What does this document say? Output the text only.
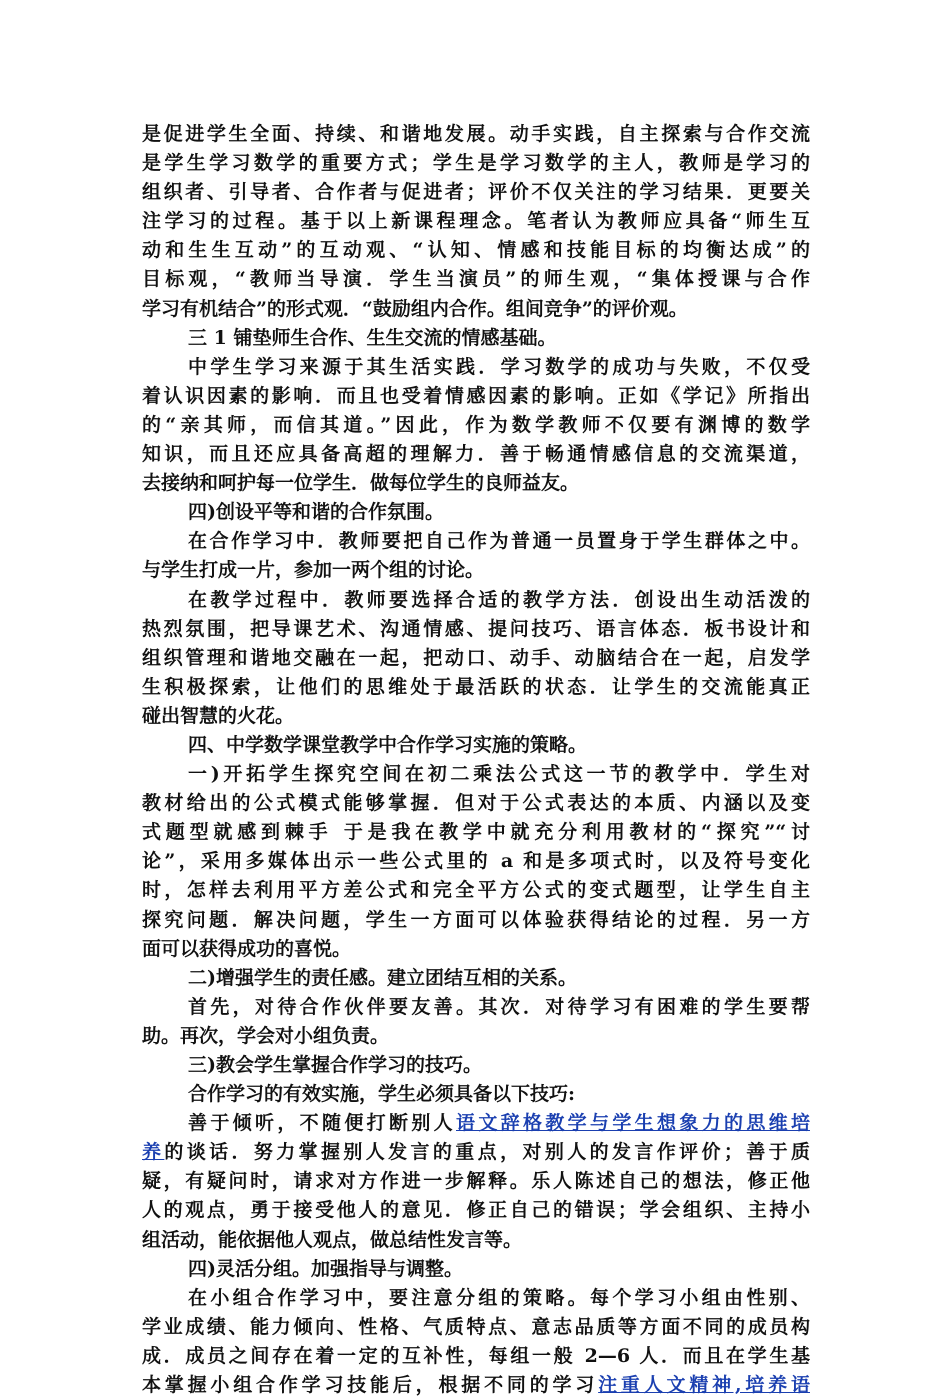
是促进学生全面、持续、和谐地发展。动手实践，自主探索与合作交流
是学生学习数学的重要方式；学生是学习数学的主人，教师是学习的
组织者、引导者、合作者与促进者；评价不仅关注的学习结果．更要关
注学习的过程。基于以上新课程理念。笔者认为教师应具备“师生互
动和生生互动”的互动观、“认知、情感和技能目标的均衡达成”的
目标观，“教师当导演．学生当演员”的师生观，“集体授课与合作
学习有机结合”的形式观．“鼓励组内合作。组间竞争”的评价观。
三 1 铺垫师生合作、生生交流的情感基础。
中学生学习来源于其生活实践．学习数学的成功与失败，不仅受
着认识因素的影响．而且也受着情感因素的影响。正如《学记》所指出
的“亲其师，而信其道。”因此，作为数学教师不仅要有渊博的数学
知识，而且还应具备高超的理解力．善于畅通情感信息的交流渠道，
去接纳和呵护每一位学生．做每位学生的良师益友。
四)创设平等和谐的合作氛围。
在合作学习中．教师要把自己作为普通一员置身于学生群体之中。
与学生打成一片，参加一两个组的讨论。
在教学过程中．教师要选择合适的教学方法．创设出生动活泼的
热烈氛围，把导课艺术、沟通情感、提问技巧、语言体态．板书设计和
组织管理和谐地交融在一起，把动口、动手、动脑结合在一起，启发学
生积极探索，让他们的思维处于最活跃的状态．让学生的交流能真正
碰出智慧的火花。
四、中学数学课堂教学中合作学习实施的策略。
一)开拓学生探究空间在初二乘法公式这一节的教学中．学生对
教材给出的公式模式能够掌握．但对于公式表达的本质、内涵以及变
式题型就感到棘手 于是我在教学中就充分利用教材的“探究”“讨
论”，采用多媒体出示一些公式里的 a 和是多项式时，以及符号变化
时，怎样去利用平方差公式和完全平方公式的变式题型，让学生自主
探究问题．解决问题，学生一方面可以体验获得结论的过程．另一方
面可以获得成功的喜悦。
二)增强学生的责任感。建立团结互相的关系。
首先，对待合作伙伴要友善。其次．对待学习有困难的学生要帮
助。再次，学会对小组负责。
三)教会学生掌握合作学习的技巧。
合作学习的有效实施，学生必须具备以下技巧:
善于倾听，不随便打断别人语文辞格教学与学生想象力的思维培
养的谈话．努力掌握别人发言的重点，对别人的发言作评价；善于质
疑，有疑问时，请求对方作进一步解释。乐人陈述自己的想法，修正他
人的观点，勇于接受他人的意见．修正自己的错误；学会组织、主持小
组活动，能依据他人观点，做总结性发言等。
四)灵活分组。加强指导与调整。
在小组合作学习中，要注意分组的策略。每个学习小组由性别、
学业成绩、能力倾向、性格、气质特点、意志品质等方面不同的成员构
成．成员之间存在着一定的互补性，每组一般 2—6 人．而且在学生基
本掌握小组合作学习技能后，根据不同的学习注重人文精神,培养语
